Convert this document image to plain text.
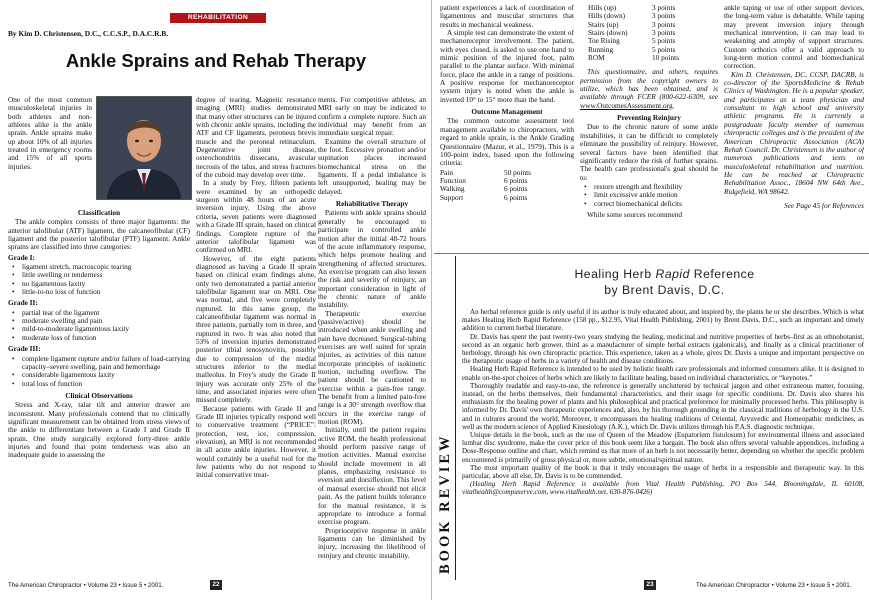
REHABILITATION
By Kim D. Christensen, D.C., C.C.S.P., D.A.C.R.B.
Ankle Sprains and Rehab Therapy

One of the most common musculoskeletal injuries in both athletes and non-athletes alike is the ankle sprain. Ankle sprains make up about 10% of all injuries treated in emergency rooms and 15% of all sports injuries.

Classification

The ankle complex consists of three major ligaments: the anterior talofibular (ATF) ligament, the calcaneofibular (CF) ligament and the posterior talofibular (PTF) ligament. Ankle sprains are classified into three categories:

Grade I:
• ligament stretch, macroscopic tearing
• little swelling or tenderness
• no ligamentous laxity
• little-to-no loss of function
Grade II:
• partial tear of the ligament
• moderate swelling and pain
• mild-to-moderate ligamentous laxity
• moderate loss of function
Grade III:
• complete ligament rupture and/or failure of load-carrying capacity–severe swelling, pain and hemorrhage
• considerable ligamentous laxity
• total loss of function
Clinical Observations

Stress and X-ray, talar tilt and anterior drawer are inconsistent. Many professionals contend that no clinically significant measurement can be obtained from stress views of the ankle to differentiate between a Grade I and Grade II sprain. One study surgically explored forty-three ankle injuries and found that point tenderness was also an inadequate guide to assessing the

degree of tearing. Magnetic resonance imaging (MRI) studies demonstrated that many other structures can be injured with chronic ankle sprains, including the ATF and CF ligaments, peroneus brevis muscle and the peroneal retinaculum. Degenerative joint disease, osteochondritis dissecans, avascular necrosis of the talus, and stress fractures of the cuboid may develop over time.

In a study by Frey, fifteen patients were examined by an orthopedic surgeon within 48 hours of an acute inversion injury. Using the above criteria, seven patients were diagnosed with a Grade III sprain, based on clinical findings. Complete rupture of the anterior talofibular ligament was confirmed on MRI.

However, of the eight patients diagnosed as having a Grade II sprain based on clinical exam findings alone, only two demonstrated a partial anterior talofibular ligament tear on MRI. One was normal, and five were completely ruptured. In this same group, the calcaneofibular ligament was normal in three patients, partially torn in three, and ruptured in two. It was also noted that 53% of inversion injuries demonstrated posterior tibial tenosynovitis, possibly due to compression of the medial structures inferior to the medial malleolus. In Frey's study the Grade II injury was accurate only 25% of the time, and associated injuries were often missed completely.

Because patients with Grade II and Grade III injuries typically respond well to conservative treatment (“PRICE”: protection, rest, ice, compression, elevation), an MRI is not recommended in all acute ankle injuries. However, it would certainly be a useful tool for the few patients who do not respond to initial conservative treat-

ments. For competitive athletes, an MRI early on may be indicated to confirm a complete rupture. Such an individual may benefit from an immediate surgical repair.

Examine the overall structure of the foot. Excessive pronation and/or supination places increased biomechanical stress on the ligaments. If a pedal imbalance is left unsupported, healing may be delayed.

Rehabilitative Therapy

Patients with ankle sprains should generally be encouraged to participate in controlled ankle motion after the initial 48-72 hours of the acute inflammatory response, which helps promote healing and strengthening of affected structures. An exercise program can also lessen the risk and severity of reinjury, an important consideration in light of the chronic nature of ankle instability.

Therapeutic exercise (passive/active) should be introduced when ankle swelling and pain have decreased. Surgical-tubing exercises are well suited for sprain injuries, as activities of this nature incorporate principles of isokinetic motion, including overflow. The patient should be cautioned to exercise within a pain-free range. The benefit from a limited pain-free range is a 30° strength overflow that occurs in the exercise range of motion (ROM).

Initially, until the patient regains active ROM, the health professional should perform passive range of motion activities. Manual exercise should include movement in all planes, emphasizing resistance to eversion and dorsiflexion. This level of manual exercise should not elicit pain. As the patient builds tolerance for the manual resistance, it is appropriate to introduce a formal exercise program.

Proprioceptive response in ankle ligaments can be diminished by injury, increasing the likelihood of reinjury and chronic instability.

The American Chiropractor • Volume 23 • Issue 5 • 2001.	22

patient experiences a lack of coordination of ligamentous and muscular structures that results in mechanical weakness.

A simple test can demonstrate the extent of mechanoreceptor involvement. The patient, with eyes closed, is asked to use one hand to mimic position of the injured foot, palm parallel to the plantar surface. With minimal force, place the ankle in a range of positions. A positive response for mechanoreceptor system injury is noted when the ankle is inverted 10° to 15° more than the hand.

Outcome Management

The common outcome assessment tool management available to chiropractors, with regard to ankle sprain, is the Ankle Grading Questionnaire (Mazur, et al., 1979). This is a 100-point index, based upon the following criteria:

Pain	50 points
Function	6 points
Walking	6 points
Support	6 points
Hills (up)	3 points
Hills (down)	3 points
Stairs (up)	3 points
Stairs (down)	3 points
Toe Rising	5 points
Running	5 points
ROM	10 points

This questionnaire, and others, requires permission from the copyright owners to utilize, which has been obtained, and is available through FCER (800-622-6309, see www.OutcomesAssessment.org.

Preventing Reinjury

Due to the chronic nature of some ankle instabilities, it can be difficult to completely eliminate the possibility of reinjury. However, several factors have been identified that significantly reduce the risk of further sprains. The health care professional's goal should be to:

• restore strength and flexibility
• limit excessive ankle motion
• correct biomechanical deficits

While some sources recommend

ankle taping or use of other support devices, the long-term value is debatable. While taping may prevent inversion injury through mechanical intervention, it can may lead to weakening and atrophy of support structures. Custom orthotics offer a valid approach to long-term motion control and biomechanical correction.

Kim D. Christensen, DC, CCSP, DACRB, is co-director of the SportsMedicine & Rehab Clinics of Washington. He is a popular speaker, and participates as a team physician and consultant to high school and university athletic programs. He is currently a postgraduate faculty member of numerous chiropractic colleges and is the president of the American Chiropractic Association (ACA) Rehab Council. Dr. Christensen is the author of numerous publications and texts on musculoskeletal rehabilitation and nutrition. He can be reached at Chiropractic Rehabilitation Assoc., 18604 NW 64th Ave., Ridgefield, WA 98642.

See Page 45 for References

BOOK REVIEW
Healing Herb Rapid Reference
by Brent Davis, D.C.

An herbal reference guide is only useful if its author is truly educated about, and inspired by, the plants he or she describes. Which is what makes Healing Herb Rapid Reference (158 pp., $12.95, Vital Health Publishing, 2001) by Brent Davis, D.C., such an important and timely addition to current herbal literature.

Dr. Davis has spent the past twenty-two years studying the healing, medicinal and nutritive properties of herbs–first as an ethnobotanist, second as an organic herb grower, third as a manufacturer of simple herbal extracts (galenicals), and finally as a clinical practitioner of herbology, through his own chiropractic practice. This experience, taken as a whole, gives Dr. Davis a unique and important perspective on the therapeutic usage of herbs in a variety of health and disease conditions.

Healing Herb Rapid Reference is intended to be used by holistic health care professionals and informed consumers alike. It is designed to enable on-the-spot choices of herbs which are likely to facilitate healing, based on individual characteristics, or “keynotes.”

Thoroughly readable and easy-to-use, the reference is generally uncluttered by technical jargon and other extraneous matter, focusing, instead, on the herbs themselves, their fundamental characteristics, and their usage for specific conditions. Dr. Davis also shares his enthusiasm for the healing power of plants and his philosophical and practical preference for minimally processed herbs. This philosophy is informed by Dr. Davis' own therapeutic experiences and, also, by his thorough grounding in the classical traditions of herbology in the U.S. and in cultures around the world. Moreover, it encompasses the healing traditions of Oriental, Aryuvedic and Homeopathic medicines, as well as the modern science of Applied Kinesiology (A.K.), which Dr. Davis utilizes through his P.A.S. diagnostic technique.

Unique details in the book, such as the use of Queen of the Meadow (Eupatorium fistulosum) for environmental illness and associated lumbar disc syndrome, make the cover price of this book seem like a bargain. The book also offers several valuable appendices, including a Dose-Response outline and chart, which remind us that more of an herb is not necessarily better, depending on whether the specific problem encountered is primarily of gross physical or, more subtle, emotional/spiritual nature.

The most important quality of the book is that it truly encourages the usage of herbs in a responsible and therapeutic way. In this particular, above all else, Dr. Davis is to be commended.

(Healing Herb Rapid Reference is available from Vital Health Publishing, PO Box 544, Bloomingdale, IL 60108, vitalhealth@compuserve.com, www.vitalhealth.net, 630-876-0426)

23	The American Chiropractor • Volume 23 • Issue 5 • 2001.
